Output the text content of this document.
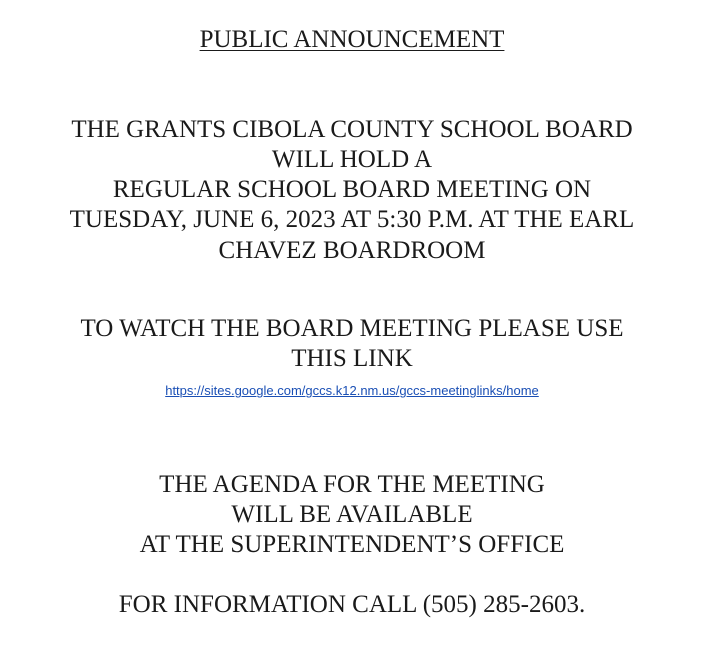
PUBLIC ANNOUNCEMENT
THE GRANTS CIBOLA COUNTY SCHOOL BOARD
WILL HOLD A
REGULAR SCHOOL BOARD MEETING ON
TUESDAY, JUNE 6, 2023 AT 5:30 P.M. AT THE EARL
CHAVEZ BOARDROOM
TO WATCH THE BOARD MEETING PLEASE USE
THIS LINK
https://sites.google.com/gccs.k12.nm.us/gccs-meetinglinks/home
THE AGENDA FOR THE MEETING
WILL BE AVAILABLE
AT THE SUPERINTENDENT’S OFFICE
FOR INFORMATION CALL (505) 285-2603.
